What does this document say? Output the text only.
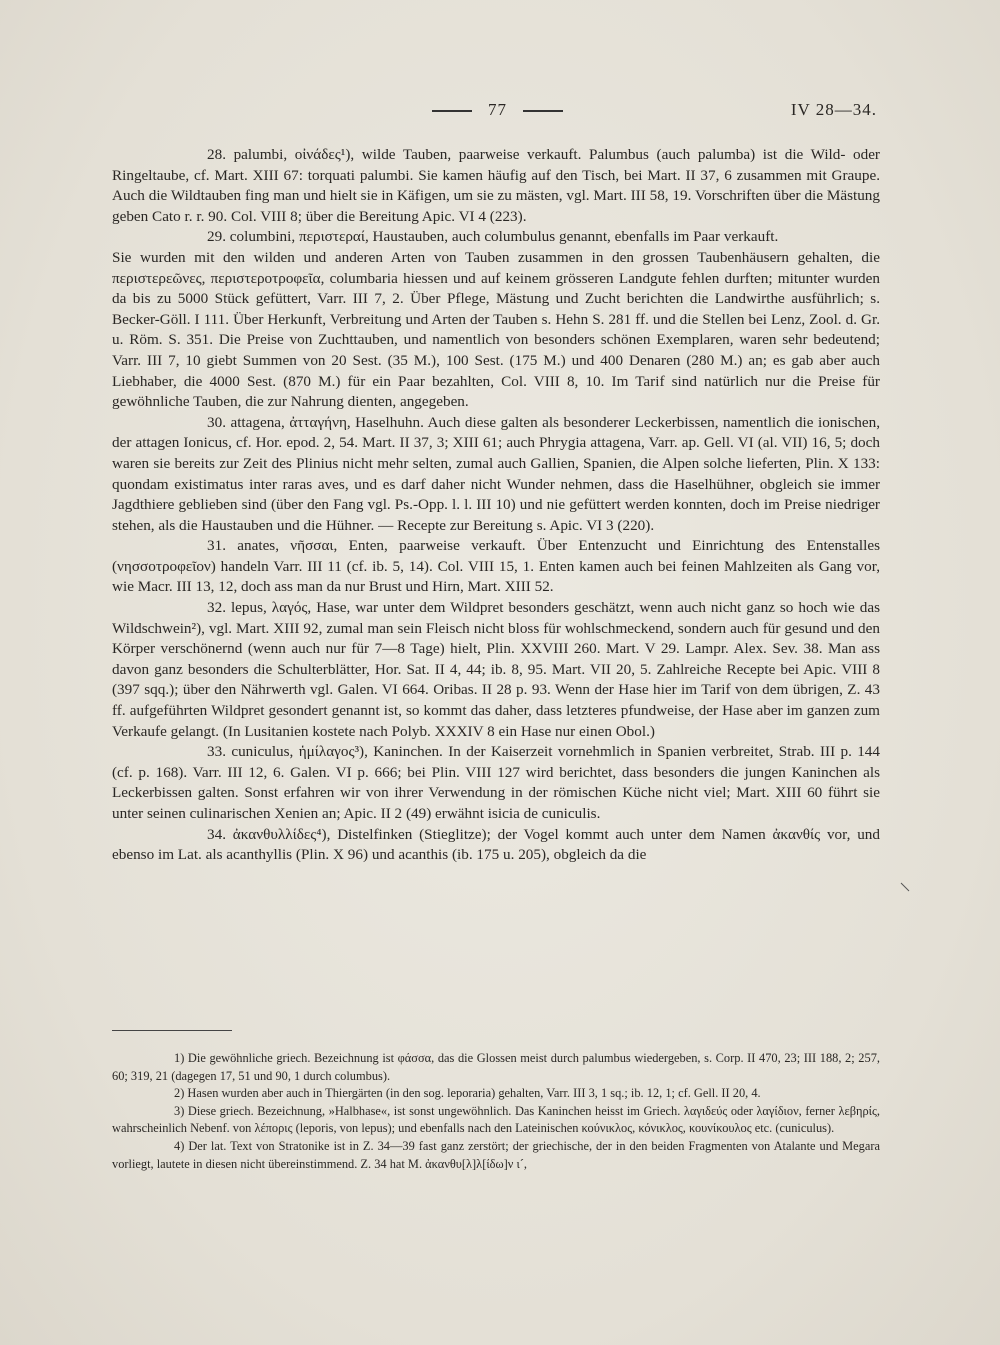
77	IV 28—34.

28. palumbi, οἰνάδες¹), wilde Tauben, paarweise verkauft. Palumbus (auch palumba) ist die Wild- oder Ringeltaube, cf. Mart. XIII 67: torquati palumbi. Sie kamen häufig auf den Tisch, bei Mart. II 37, 6 zusammen mit Graupe. Auch die Wildtauben fing man und hielt sie in Käfigen, um sie zu mästen, vgl. Mart. III 58, 19. Vorschriften über die Mästung geben Cato r. r. 90. Col. VIII 8; über die Bereitung Apic. VI 4 (223).

29. columbini, περιστεραί, Haustauben, auch columbulus genannt, ebenfalls im Paar verkauft.

Sie wurden mit den wilden und anderen Arten von Tauben zusammen in den grossen Taubenhäusern gehalten, die περιστερεῶνες, περιστεροτροφεῖα, columbaria hiessen und auf keinem grösseren Landgute fehlen durften; mitunter wurden da bis zu 5000 Stück gefüttert, Varr. III 7, 2. Über Pflege, Mästung und Zucht berichten die Landwirthe ausführlich; s. Becker-Göll. I 111. Über Herkunft, Verbreitung und Arten der Tauben s. Hehn S. 281 ff. und die Stellen bei Lenz, Zool. d. Gr. u. Röm. S. 351. Die Preise von Zuchttauben, und namentlich von besonders schönen Exemplaren, waren sehr bedeutend; Varr. III 7, 10 giebt Summen von 20 Sest. (35 M.), 100 Sest. (175 M.) und 400 Denaren (280 M.) an; es gab aber auch Liebhaber, die 4000 Sest. (870 M.) für ein Paar bezahlten, Col. VIII 8, 10. Im Tarif sind natürlich nur die Preise für gewöhnliche Tauben, die zur Nahrung dienten, angegeben.

30. attagena, ἀτταγήνη, Haselhuhn. Auch diese galten als besonderer Leckerbissen, namentlich die ionischen, der attagen Ionicus, cf. Hor. epod. 2, 54. Mart. II 37, 3; XIII 61; auch Phrygia attagena, Varr. ap. Gell. VI (al. VII) 16, 5; doch waren sie bereits zur Zeit des Plinius nicht mehr selten, zumal auch Gallien, Spanien, die Alpen solche lieferten, Plin. X 133: quondam existimatus inter raras aves, und es darf daher nicht Wunder nehmen, dass die Haselhühner, obgleich sie immer Jagdthiere geblieben sind (über den Fang vgl. Ps.-Opp. l. l. III 10) und nie gefüttert werden konnten, doch im Preise niedriger stehen, als die Haustauben und die Hühner. — Recepte zur Bereitung s. Apic. VI 3 (220).

31. anates, νῆσσαι, Enten, paarweise verkauft. Über Entenzucht und Einrichtung des Entenstalles (νησσοτροφεῖον) handeln Varr. III 11 (cf. ib. 5, 14). Col. VIII 15, 1. Enten kamen auch bei feinen Mahlzeiten als Gang vor, wie Macr. III 13, 12, doch ass man da nur Brust und Hirn, Mart. XIII 52.

32. lepus, λαγός, Hase, war unter dem Wildpret besonders geschätzt, wenn auch nicht ganz so hoch wie das Wildschwein²), vgl. Mart. XIII 92, zumal man sein Fleisch nicht bloss für wohlschmeckend, sondern auch für gesund und den Körper verschönernd (wenn auch nur für 7—8 Tage) hielt, Plin. XXVIII 260. Mart. V 29. Lampr. Alex. Sev. 38. Man ass davon ganz besonders die Schulterblätter, Hor. Sat. II 4, 44; ib. 8, 95. Mart. VII 20, 5. Zahlreiche Recepte bei Apic. VIII 8 (397 sqq.); über den Nährwerth vgl. Galen. VI 664. Oribas. II 28 p. 93. Wenn der Hase hier im Tarif von dem übrigen, Z. 43 ff. aufgeführten Wildpret gesondert genannt ist, so kommt das daher, dass letzteres pfundweise, der Hase aber im ganzen zum Verkaufe gelangt. (In Lusitanien kostete nach Polyb. XXXIV 8 ein Hase nur einen Obol.)

33. cuniculus, ἡμίλαγος³), Kaninchen. In der Kaiserzeit vornehmlich in Spanien verbreitet, Strab. III p. 144 (cf. p. 168). Varr. III 12, 6. Galen. VI p. 666; bei Plin. VIII 127 wird berichtet, dass besonders die jungen Kaninchen als Leckerbissen galten. Sonst erfahren wir von ihrer Verwendung in der römischen Küche nicht viel; Mart. XIII 60 führt sie unter seinen culinarischen Xenien an; Apic. II 2 (49) erwähnt isicia de cuniculis.

34. ἀκανθυλλίδες⁴), Distelfinken (Stieglitze); der Vogel kommt auch unter dem Namen ἀκανθίς vor, und ebenso im Lat. als acanthyllis (Plin. X 96) und acanthis (ib. 175 u. 205), obgleich da die

1) Die gewöhnliche griech. Bezeichnung ist φάσσα, das die Glossen meist durch palumbus wiedergeben, s. Corp. II 470, 23; III 188, 2; 257, 60; 319, 21 (dagegen 17, 51 und 90, 1 durch columbus).

2) Hasen wurden aber auch in Thiergärten (in den sog. leporaria) gehalten, Varr. III 3, 1 sq.; ib. 12, 1; cf. Gell. II 20, 4.

3) Diese griech. Bezeichnung, »Halbhase«, ist sonst ungewöhnlich. Das Kaninchen heisst im Griech. λαγιδεύς oder λαγίδιον, ferner λεβηρίς, wahrscheinlich Nebenf. von λέπορις (leporis, von lepus); und ebenfalls nach den Lateinischen κούνικλος, κόνικλος, κουνίκουλος etc. (cuniculus).

4) Der lat. Text von Stratonike ist in Z. 34—39 fast ganz zerstört; der griechische, der in den beiden Fragmenten von Atalante und Megara vorliegt, lautete in diesen nicht übereinstimmend. Z. 34 hat M. ἀκανθυ[λ]λ[ίδω]ν ι´,
